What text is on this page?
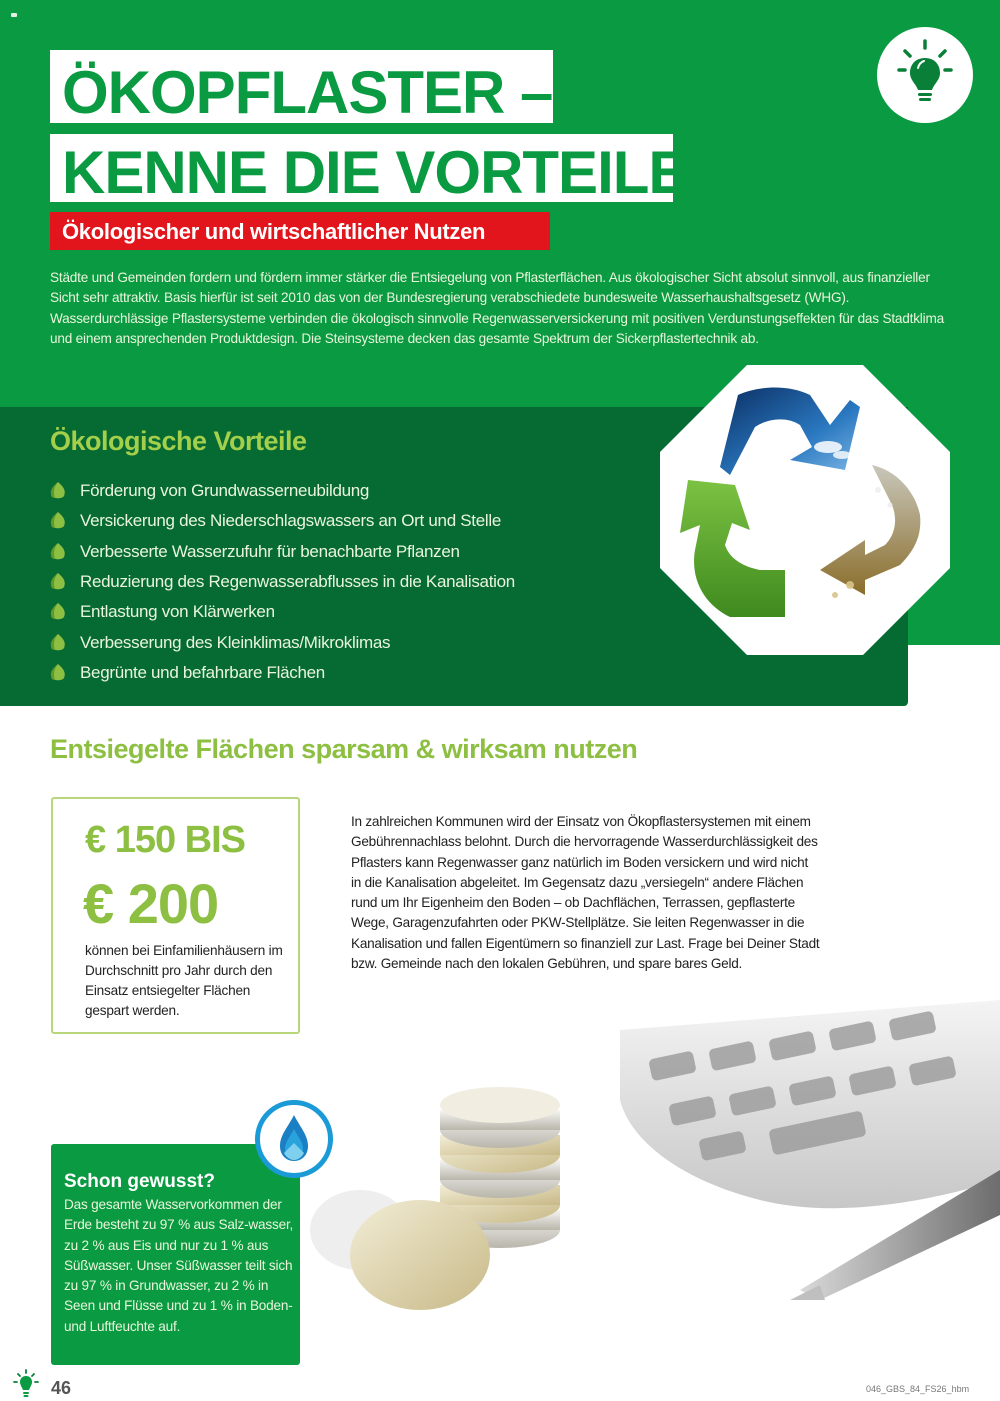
ÖKOPFLASTER –
KENNE DIE VORTEILE
Ökologischer und wirtschaftlicher Nutzen

Städte und Gemeinden fordern und fördern immer stärker die Entsiegelung von Pflasterflächen. Aus ökologischer Sicht absolut sinnvoll, aus finanzieller Sicht sehr attraktiv. Basis hierfür ist seit 2010 das von der Bundesregierung verabschiedete bundesweite Wasserhaushaltsgesetz (WHG). Wasserdurchlässige Pflastersysteme verbinden die ökologisch sinnvolle Regenwasserversickerung mit positiven Verdunstungseffekten für das Stadtklima und einem ansprechenden Produktdesign. Die Steinsysteme decken das gesamte Spektrum der Sickerpflastertechnik ab.

Ökologische Vorteile
Förderung von Grundwasserneubildung
Versickerung des Niederschlagswassers an Ort und Stelle
Verbesserte Wasserzufuhr für benachbarte Pflanzen
Reduzierung des Regenwasserabflusses in die Kanalisation
Entlastung von Klärwerken
Verbesserung des Kleinklimas/Mikroklimas
Begrünte und befahrbare Flächen
Entsiegelte Flächen sparsam & wirksam nutzen
€ 150 BIS
€ 200

können bei Einfamilienhäusern im Durchschnitt pro Jahr durch den Einsatz entsiegelter Flächen gespart werden.

In zahlreichen Kommunen wird der Einsatz von Ökopflastersystemen mit einem Gebührennachlass belohnt. Durch die hervorragende Wasserdurchlässigkeit des Pflasters kann Regenwasser ganz natürlich im Boden versickern und wird nicht in die Kanalisation abgeleitet. Im Gegensatz dazu „versiegeln“ andere Flächen rund um Ihr Eigenheim den Boden – ob Dachflächen, Terrassen, gepflasterte Wege, Garagenzufahrten oder PKW-Stellplätze. Sie leiten Regenwasser in die Kanalisation und fallen Eigentümern so finanziell zur Last. Frage bei Deiner Stadt bzw. Gemeinde nach den lokalen Gebühren, und spare bares Geld.

Schon gewusst?

Das gesamte Wasservorkommen der Erde besteht zu 97 % aus Salz-wasser, zu 2 % aus Eis und nur zu 1 % aus Süßwasser. Unser Süßwasser teilt sich zu 97 % in Grundwasser, zu 2 % in Seen und Flüsse und zu 1 % in Boden- und Luftfeuchte auf.

46	046_GBS_84_FS26_hbm
